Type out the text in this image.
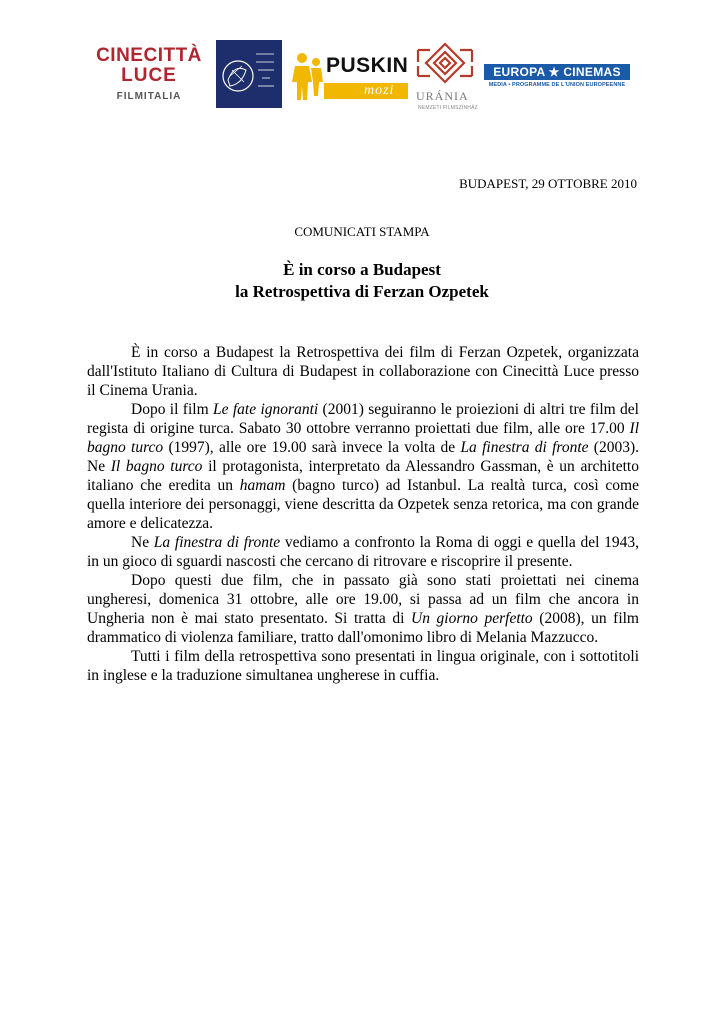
CINECITTÀ
LUCE
FILMITALIA
PUSKIN
mozi URÁNIA
NEMZETI FILMSZÍNHÁZ
EUROPA ★ CINEMAS
MEDIA • PROGRAMME DE L'UNION EUROPEENNE
BUDAPEST, 29 OTTOBRE 2010
COMUNICATI STAMPA
È in corso a Budapest
la Retrospettiva di Ferzan Ozpetek

È in corso a Budapest la Retrospettiva dei film di Ferzan Ozpetek, organizzata dall'Istituto Italiano di Cultura di Budapest in collaborazione con Cinecittà Luce presso il Cinema Urania.

Dopo il film Le fate ignoranti (2001) seguiranno le proiezioni di altri tre film del regista di origine turca. Sabato 30 ottobre verranno proiettati due film, alle ore 17.00 Il bagno turco (1997), alle ore 19.00 sarà invece la volta de La finestra di fronte (2003). Ne Il bagno turco il protagonista, interpretato da Alessandro Gassman, è un architetto italiano che eredita un hamam (bagno turco) ad Istanbul. La realtà turca, così come quella interiore dei personaggi, viene descritta da Ozpetek senza retorica, ma con grande amore e delicatezza.

Ne La finestra di fronte vediamo a confronto la Roma di oggi e quella del 1943, in un gioco di sguardi nascosti che cercano di ritrovare e riscoprire il presente.

Dopo questi due film, che in passato già sono stati proiettati nei cinema ungheresi, domenica 31 ottobre, alle ore 19.00, si passa ad un film che ancora in Ungheria non è mai stato presentato. Si tratta di Un giorno perfetto (2008), un film drammatico di violenza familiare, tratto dall'omonimo libro di Melania Mazzucco.

Tutti i film della retrospettiva sono presentati in lingua originale, con i sottotitoli in inglese e la traduzione simultanea ungherese in cuffia.
